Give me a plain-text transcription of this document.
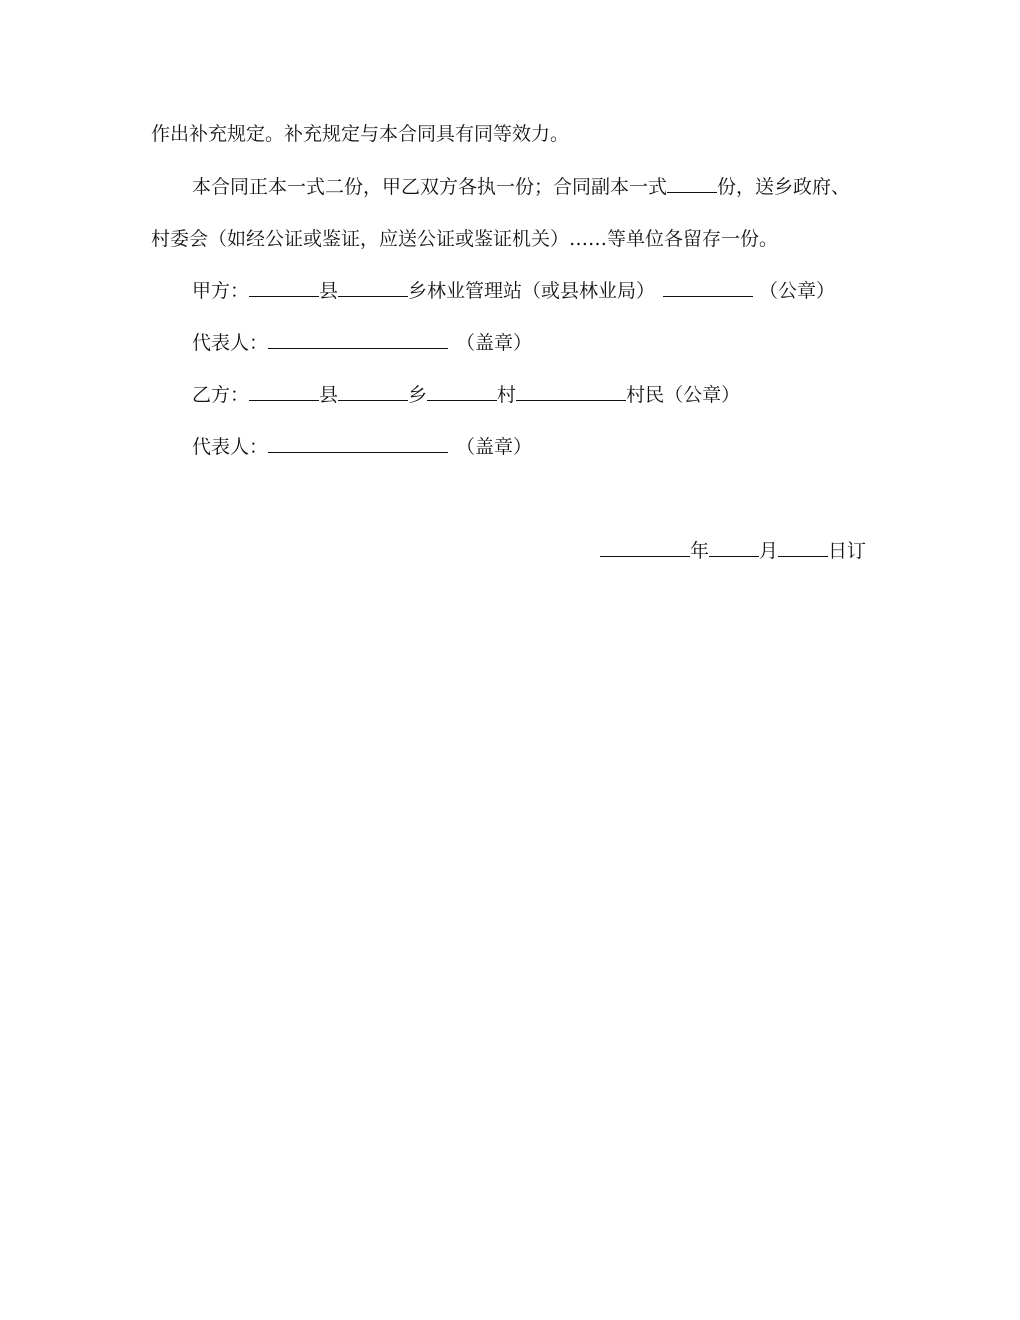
作出补充规定。补充规定与本合同具有同等效力。
本合同正本一式二份，甲乙双方各执一份；合同副本一式	份，送乡政府、
村委会（如经公证或鉴证，应送公证或鉴证机关）……等单位各留存一份。
甲方：	县	乡林业管理站（或县林业局）	（公章）
代表人：	（盖章）
乙方：	县	乡	村	村民（公章）
代表人：	（盖章）
年	月	日订
